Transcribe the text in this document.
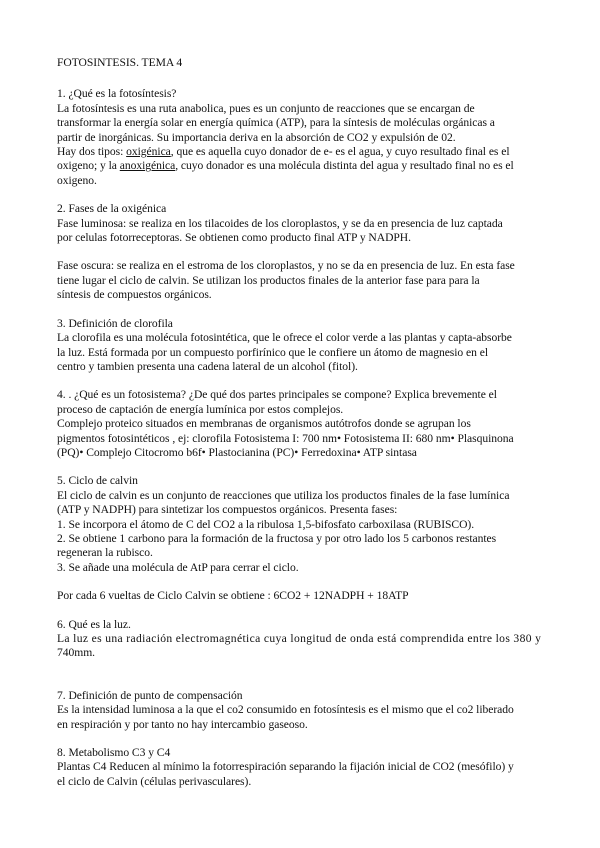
FOTOSINTESIS. TEMA 4

1. ¿Qué es la fotosíntesis?

La fotosíntesis es una ruta anabolica, pues es un conjunto de reacciones que se encargan de

transformar la energía solar en energía química (ATP), para la síntesis de moléculas orgánicas a

partir de inorgánicas. Su importancia deriva en la absorción de CO2 y expulsión de 02.

Hay dos tipos: oxigénica, que es aquella cuyo donador de e- es el agua, y cuyo resultado final es el

oxigeno; y la anoxigénica, cuyo donador es una molécula distinta del agua y resultado final no es el

oxigeno.

2. Fases de la oxigénica

Fase luminosa: se realiza en los tilacoides de los cloroplastos, y se da en presencia de luz captada

por celulas fotorreceptoras. Se obtienen como producto final ATP y NADPH.

Fase oscura: se realiza en el estroma de los cloroplastos, y no se da en presencia de luz. En esta fase

tiene lugar el ciclo de calvin. Se utilizan los productos finales de la anterior fase para para la

síntesis de compuestos orgánicos.

3. Definición de clorofila

La clorofila es una molécula fotosintética, que le ofrece el color verde a las plantas y capta-absorbe

la luz. Está formada por un compuesto porfirínico que le confiere un átomo de magnesio en el

centro y tambien presenta una cadena lateral de un alcohol (fitol).

4. . ¿Qué es un fotosistema? ¿De qué dos partes principales se compone? Explica brevemente el

proceso de captación de energía lumínica por estos complejos.

Complejo proteico situados en membranas de organismos autótrofos donde se agrupan los

pigmentos fotosintéticos , ej: clorofila Fotosistema I: 700 nm• Fotosistema II: 680 nm• Plasquinona

(PQ)• Complejo Citocromo b6f• Plastocianina (PC)• Ferredoxina• ATP sintasa

5. Ciclo de calvin

El ciclo de calvin es un conjunto de reacciones que utiliza los productos finales de la fase lumínica

(ATP y NADPH) para sintetizar los compuestos orgánicos. Presenta fases:

1. Se incorpora el átomo de C del CO2 a la ribulosa 1,5-bifosfato carboxilasa (RUBISCO).

2. Se obtiene 1 carbono para la formación de la fructosa y por otro lado los 5 carbonos restantes

regeneran la rubisco.

3. Se añade una molécula de AtP para cerrar el ciclo.

Por cada 6 vueltas de Ciclo Calvin se obtiene : 6CO2 + 12NADPH + 18ATP

6. Qué es la luz.

La luz es una radiación electromagnética cuya longitud de onda está comprendida entre los 380 y

740mm.

7. Definición de punto de compensación

Es la intensidad luminosa a la que el co2 consumido en fotosíntesis es el mismo que el co2 liberado

en respiración y por tanto no hay intercambio gaseoso.

8. Metabolismo C3 y C4

Plantas C4 Reducen al mínimo la fotorrespiración separando la fijación inicial de CO2 (mesófilo) y

el ciclo de Calvin (células perivasculares).
